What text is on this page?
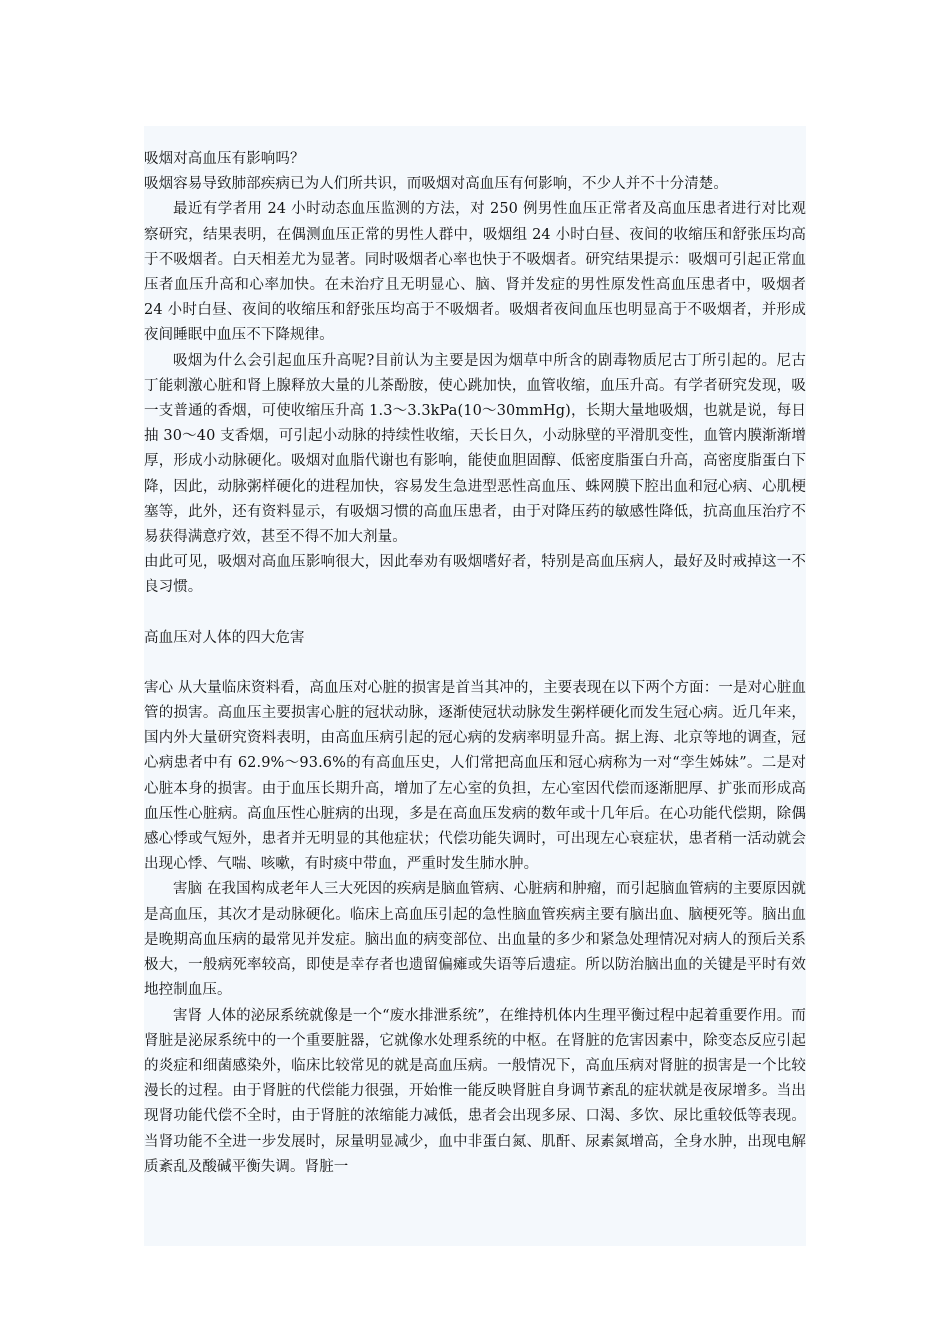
吸烟对高血压有影响吗？

吸烟容易导致肺部疾病已为人们所共识，而吸烟对高血压有何影响，不少人并不十分清楚。

最近有学者用 24 小时动态血压监测的方法，对 250 例男性血压正常者及高血压患者进行对比观察研究，结果表明，在偶测血压正常的男性人群中，吸烟组 24 小时白昼、夜间的收缩压和舒张压均高于不吸烟者。白天相差尤为显著。同时吸烟者心率也快于不吸烟者。研究结果提示：吸烟可引起正常血压者血压升高和心率加快。在未治疗且无明显心、脑、肾并发症的男性原发性高血压患者中，吸烟者 24 小时白昼、夜间的收缩压和舒张压均高于不吸烟者。吸烟者夜间血压也明显高于不吸烟者，并形成夜间睡眠中血压不下降规律。

吸烟为什么会引起血压升高呢?目前认为主要是因为烟草中所含的剧毒物质尼古丁所引起的。尼古丁能刺激心脏和肾上腺释放大量的儿茶酚胺，使心跳加快，血管收缩，血压升高。有学者研究发现，吸一支普通的香烟，可使收缩压升高 1.3～3.3kPa(10～30mmHg)，长期大量地吸烟，也就是说，每日抽 30～40 支香烟，可引起小动脉的持续性收缩，天长日久，小动脉壁的平滑肌变性，血管内膜渐渐增厚，形成小动脉硬化。吸烟对血脂代谢也有影响，能使血胆固醇、低密度脂蛋白升高，高密度脂蛋白下降，因此，动脉粥样硬化的进程加快，容易发生急进型恶性高血压、蛛网膜下腔出血和冠心病、心肌梗塞等，此外，还有资料显示，有吸烟习惯的高血压患者，由于对降压药的敏感性降低，抗高血压治疗不易获得满意疗效，甚至不得不加大剂量。

由此可见，吸烟对高血压影响很大，因此奉劝有吸烟嗜好者，特别是高血压病人，最好及时戒掉这一不良习惯。

高血压对人体的四大危害

害心 从大量临床资料看，高血压对心脏的损害是首当其冲的，主要表现在以下两个方面：一是对心脏血管的损害。高血压主要损害心脏的冠状动脉，逐渐使冠状动脉发生粥样硬化而发生冠心病。近几年来，国内外大量研究资料表明，由高血压病引起的冠心病的发病率明显升高。据上海、北京等地的调查，冠心病患者中有 62.9%～93.6%的有高血压史，人们常把高血压和冠心病称为一对“孪生姊妹”。二是对心脏本身的损害。由于血压长期升高，增加了左心室的负担，左心室因代偿而逐渐肥厚、扩张而形成高血压性心脏病。高血压性心脏病的出现，多是在高血压发病的数年或十几年后。在心功能代偿期，除偶感心悸或气短外，患者并无明显的其他症状；代偿功能失调时，可出现左心衰症状，患者稍一活动就会出现心悸、气喘、咳嗽，有时痰中带血，严重时发生肺水肿。

害脑 在我国构成老年人三大死因的疾病是脑血管病、心脏病和肿瘤，而引起脑血管病的主要原因就是高血压，其次才是动脉硬化。临床上高血压引起的急性脑血管疾病主要有脑出血、脑梗死等。脑出血是晚期高血压病的最常见并发症。脑出血的病变部位、出血量的多少和紧急处理情况对病人的预后关系极大，一般病死率较高，即使是幸存者也遗留偏瘫或失语等后遗症。所以防治脑出血的关键是平时有效地控制血压。

害肾 人体的泌尿系统就像是一个“废水排泄系统”，在维持机体内生理平衡过程中起着重要作用。而肾脏是泌尿系统中的一个重要脏器，它就像水处理系统的中枢。在肾脏的危害因素中，除变态反应引起的炎症和细菌感染外，临床比较常见的就是高血压病。一般情况下，高血压病对肾脏的损害是一个比较漫长的过程。由于肾脏的代偿能力很强，开始惟一能反映肾脏自身调节紊乱的症状就是夜尿增多。当出现肾功能代偿不全时，由于肾脏的浓缩能力减低，患者会出现多尿、口渴、多饮、尿比重较低等表现。当肾功能不全进一步发展时，尿量明显减少，血中非蛋白氮、肌酐、尿素氮增高，全身水肿，出现电解质紊乱及酸碱平衡失调。肾脏一
